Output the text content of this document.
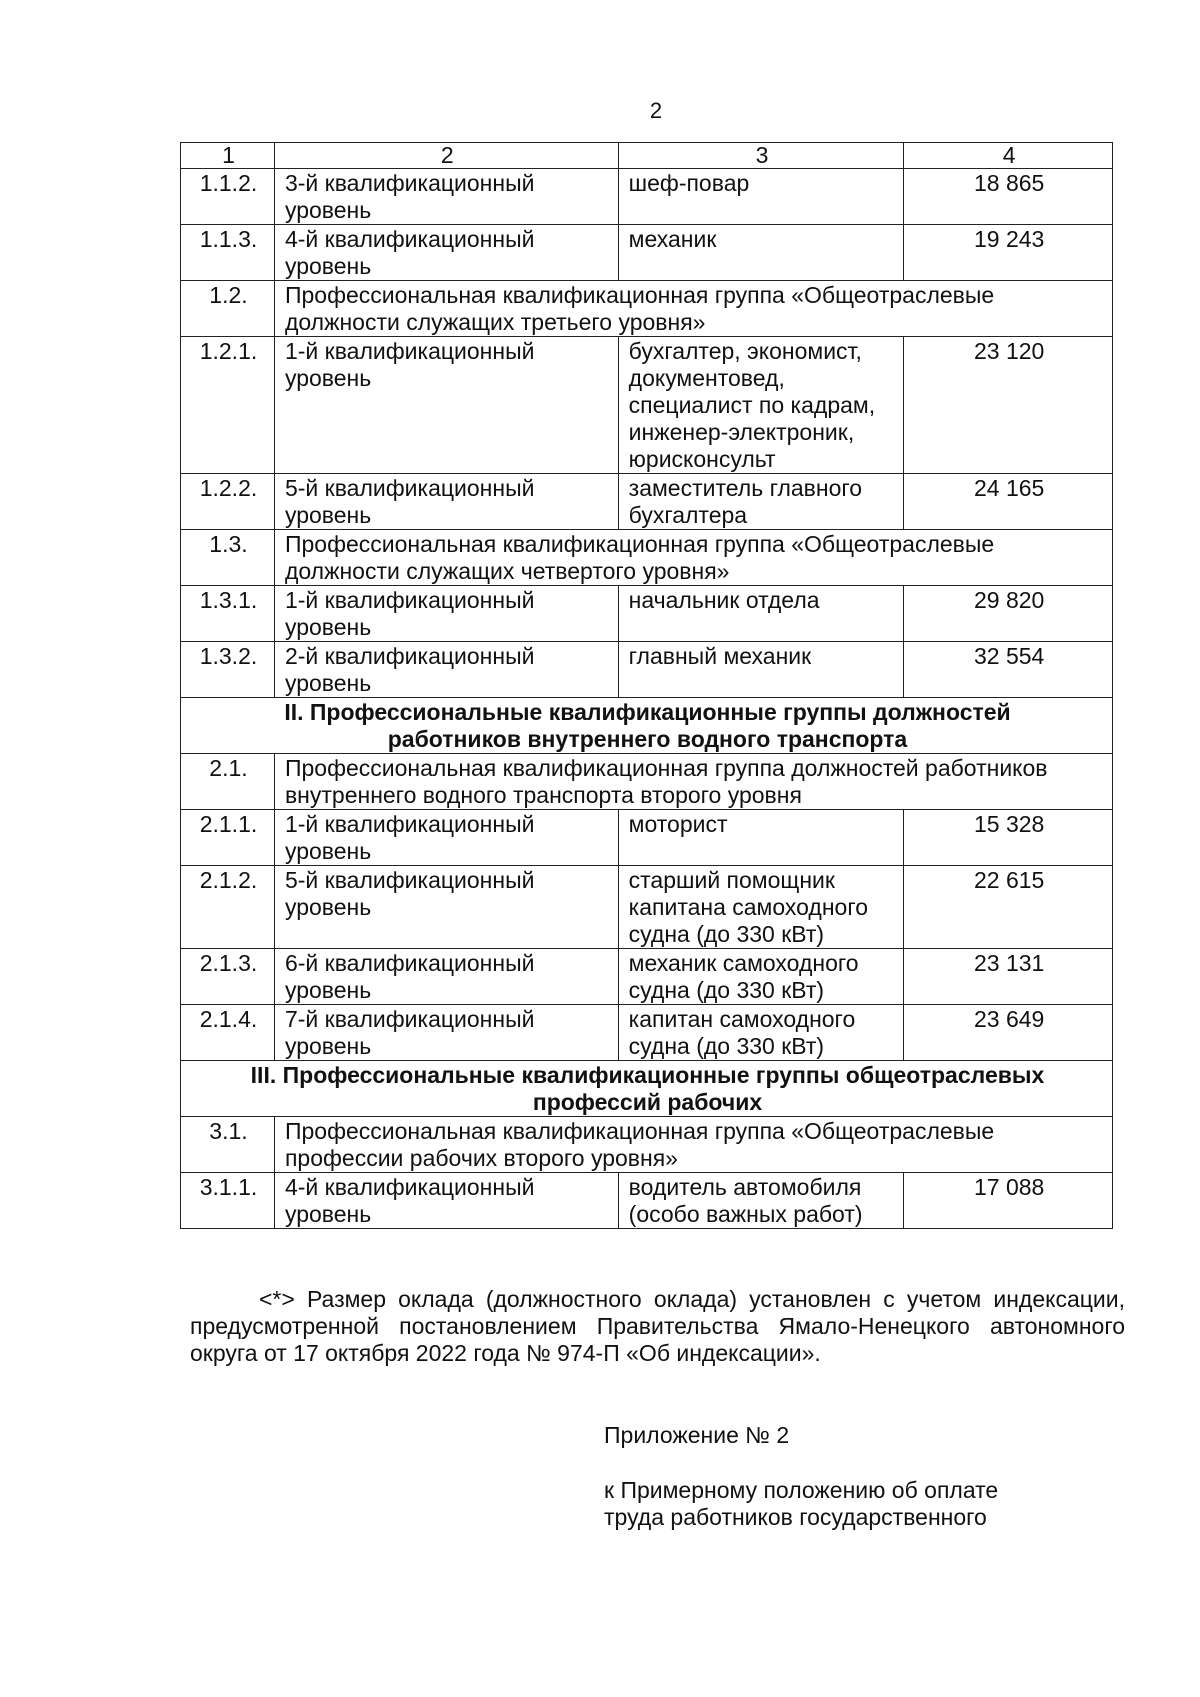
2
1	2	3	4
1.1.2.	3-й квалификационный уровень	шеф-повар	18 865
1.1.3.	4-й квалификационный уровень	механик	19 243
1.2.	Профессиональная квалификационная группа «Общеотраслевые должности служащих третьего уровня»		
1.2.1.	1-й квалификационный уровень	бухгалтер, экономист, документовед, специалист по кадрам, инженер-электроник, юрисконсульт	23 120
1.2.2.	5-й квалификационный уровень	заместитель главного бухгалтера	24 165
1.3.	Профессиональная квалификационная группа «Общеотраслевые должности служащих четвертого уровня»		
1.3.1.	1-й квалификационный уровень	начальник отдела	29 820
1.3.2.	2-й квалификационный уровень	главный механик	32 554

II. Профессиональные квалификационные группы должностей
работников внутреннего водного транспорта			

2.1.	Профессиональная квалификационная группа должностей работников внутреннего водного транспорта второго уровня		
2.1.1.	1-й квалификационный уровень	моторист	15 328
2.1.2.	5-й квалификационный уровень	старший помощник капитана самоходного судна (до 330 кВт)	22 615
2.1.3.	6-й квалификационный уровень	механик самоходного судна (до 330 кВт)	23 131
2.1.4.	7-й квалификационный уровень	капитан самоходного судна (до 330 кВт)	23 649

III. Профессиональные квалификационные группы общеотраслевых
профессий рабочих			

3.1.	Профессиональная квалификационная группа «Общеотраслевые профессии рабочих второго уровня»		
3.1.1.	4-й квалификационный уровень	водитель автомобиля (особо важных работ)	17 088
<*> Размер оклада (должностного оклада) установлен с учетом индексации, предусмотренной постановлением Правительства Ямало-Ненецкого автономного округа от 17 октября 2022 года № 974-П «Об индексации».
Приложение № 2
к Примерному положению об оплате
труда работников государственного
